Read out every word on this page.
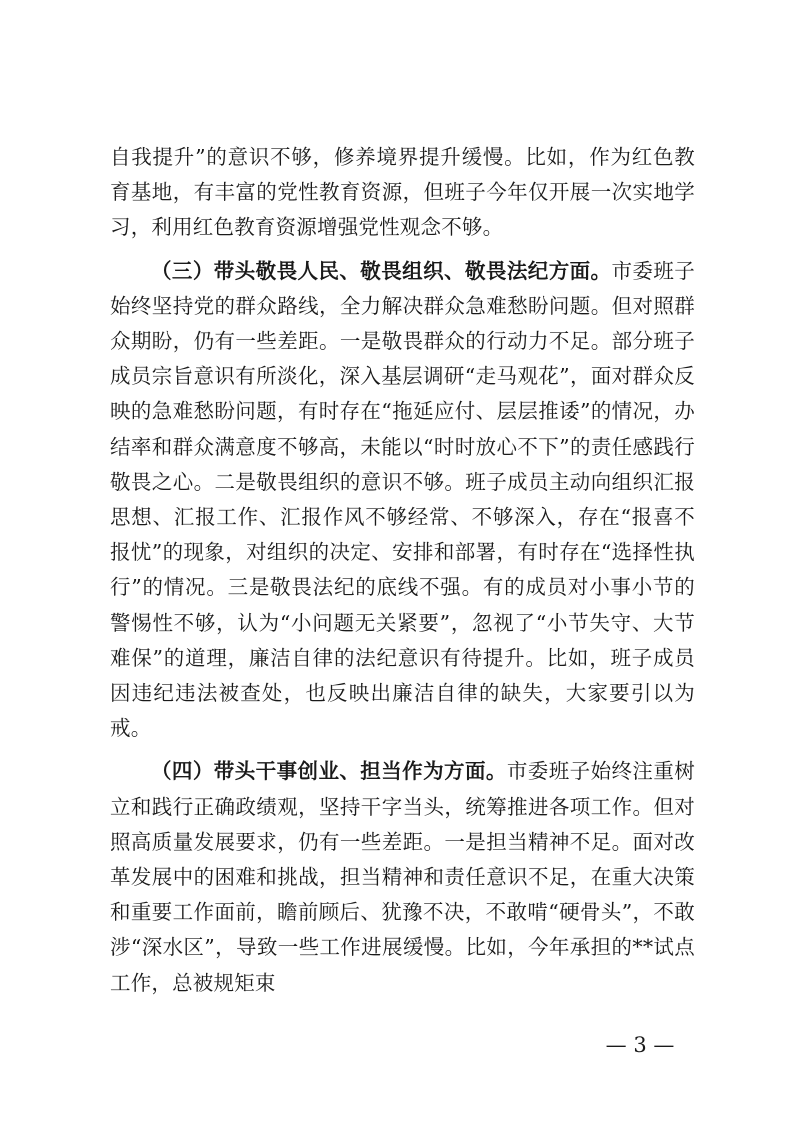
自我提升”的意识不够，修养境界提升缓慢。比如，作为红色教育基地，有丰富的党性教育资源，但班子今年仅开展一次实地学习，利用红色教育资源增强党性观念不够。

（三）带头敬畏人民、敬畏组织、敬畏法纪方面。市委班子始终坚持党的群众路线，全力解决群众急难愁盼问题。但对照群众期盼，仍有一些差距。一是敬畏群众的行动力不足。部分班子成员宗旨意识有所淡化，深入基层调研“走马观花”，面对群众反映的急难愁盼问题，有时存在“拖延应付、层层推诿”的情况，办结率和群众满意度不够高，未能以“时时放心不下”的责任感践行敬畏之心。二是敬畏组织的意识不够。班子成员主动向组织汇报思想、汇报工作、汇报作风不够经常、不够深入，存在“报喜不报忧”的现象，对组织的决定、安排和部署，有时存在“选择性执行”的情况。三是敬畏法纪的底线不强。有的成员对小事小节的警惕性不够，认为“小问题无关紧要”，忽视了“小节失守、大节难保”的道理，廉洁自律的法纪意识有待提升。比如，班子成员因违纪违法被查处，也反映出廉洁自律的缺失，大家要引以为戒。

（四）带头干事创业、担当作为方面。市委班子始终注重树立和践行正确政绩观，坚持干字当头，统筹推进各项工作。但对照高质量发展要求，仍有一些差距。一是担当精神不足。面对改革发展中的困难和挑战，担当精神和责任意识不足，在重大决策和重要工作面前，瞻前顾后、犹豫不决，不敢啃“硬骨头”，不敢涉“深水区”，导致一些工作进展缓慢。比如，今年承担的**试点工作，总被规矩束

— 3 —
